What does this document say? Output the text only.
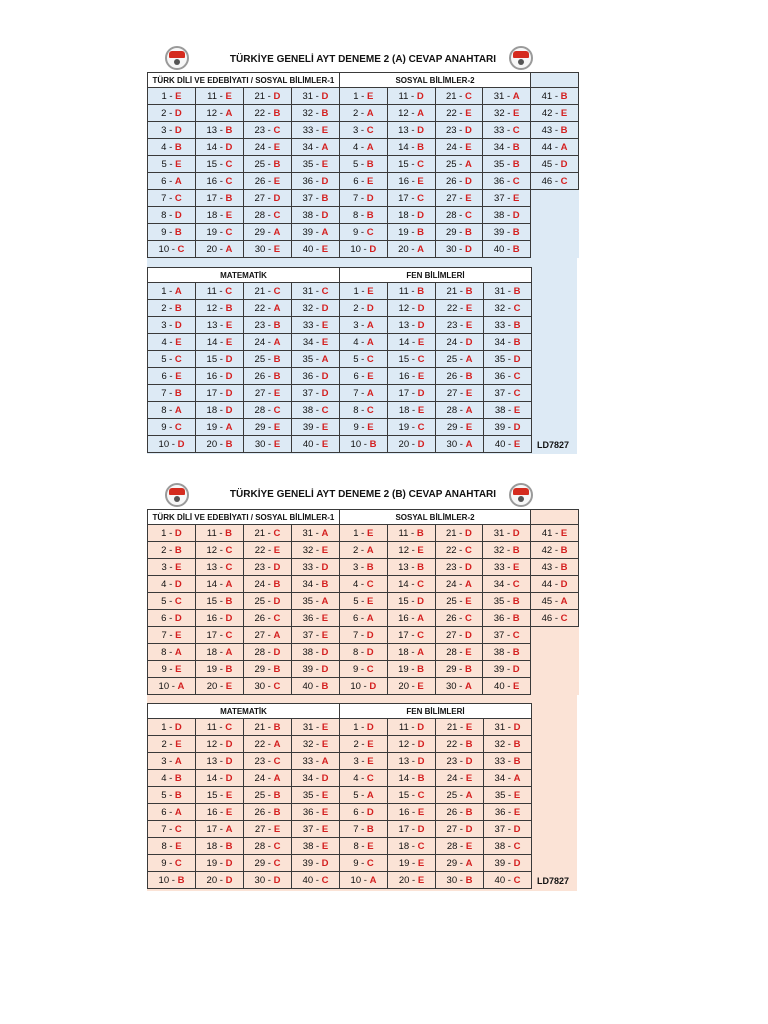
TÜRKİYE GENELİ AYT DENEME 2 (A) CEVAP ANAHTARI
TÜRK DİLİ VE EDEBİYATI / SOSYAL BİLİMLER-1				SOSYAL BİLİMLER-2				
1 - E	11 - E	21 - D	31 - D	1 - E	11 - D	21 - C	31 - A	41 - B
2 - D	12 - A	22 - B	32 - B	2 - A	12 - A	22 - E	32 - E	42 - E
3 - D	13 - B	23 - C	33 - E	3 - C	13 - D	23 - D	33 - C	43 - B
4 - B	14 - D	24 - E	34 - A	4 - A	14 - B	24 - E	34 - B	44 - A
5 - E	15 - C	25 - B	35 - E	5 - B	15 - C	25 - A	35 - B	45 - D
6 - A	16 - C	26 - E	36 - D	6 - E	16 - E	26 - D	36 - C	46 - C
7 - C	17 - B	27 - D	37 - B	7 - D	17 - C	27 - E	37 - E	
8 - D	18 - E	28 - C	38 - D	8 - B	18 - D	28 - C	38 - D	
9 - B	19 - C	29 - A	39 - A	9 - C	19 - B	29 - B	39 - B	
10 - C	20 - A	30 - E	40 - E	10 - D	20 - A	30 - D	40 - B	
MATEMATİK				FEN BİLİMLERİ			
1 - A	11 - C	21 - C	31 - C	1 - E	11 - B	21 - B	31 - B
2 - B	12 - B	22 - A	32 - D	2 - D	12 - D	22 - E	32 - C
3 - D	13 - E	23 - B	33 - E	3 - A	13 - D	23 - E	33 - B
4 - E	14 - E	24 - A	34 - E	4 - A	14 - E	24 - D	34 - B
5 - C	15 - D	25 - B	35 - A	5 - C	15 - C	25 - A	35 - D
6 - E	16 - D	26 - B	36 - D	6 - E	16 - E	26 - B	36 - C
7 - B	17 - D	27 - E	37 - D	7 - A	17 - D	27 - E	37 - C
8 - A	18 - D	28 - C	38 - C	8 - C	18 - E	28 - A	38 - E
9 - C	19 - A	29 - E	39 - E	9 - E	19 - C	29 - E	39 - D
10 - D	20 - B	30 - E	40 - E	10 - B	20 - D	30 - A	40 - E LD7827
TÜRKİYE GENELİ AYT DENEME 2 (B) CEVAP ANAHTARI
TÜRK DİLİ VE EDEBİYATI / SOSYAL BİLİMLER-1				SOSYAL BİLİMLER-2				
1 - D	11 - B	21 - C	31 - A	1 - E	11 - B	21 - D	31 - D	41 - E
2 - B	12 - C	22 - E	32 - E	2 - A	12 - E	22 - C	32 - B	42 - B
3 - E	13 - C	23 - D	33 - D	3 - B	13 - B	23 - D	33 - E	43 - B
4 - D	14 - A	24 - B	34 - B	4 - C	14 - C	24 - A	34 - C	44 - D
5 - C	15 - B	25 - D	35 - A	5 - E	15 - D	25 - E	35 - B	45 - A
6 - D	16 - D	26 - C	36 - E	6 - A	16 - A	26 - C	36 - B	46 - C
7 - E	17 - C	27 - A	37 - E	7 - D	17 - C	27 - D	37 - C	
8 - A	18 - A	28 - D	38 - D	8 - D	18 - A	28 - E	38 - B	
9 - E	19 - B	29 - B	39 - D	9 - C	19 - B	29 - B	39 - D	
10 - A	20 - E	30 - C	40 - B	10 - D	20 - E	30 - A	40 - E	
MATEMATİK				FEN BİLİMLERİ			
1 - D	11 - C	21 - B	31 - E	1 - D	11 - D	21 - E	31 - D
2 - E	12 - D	22 - A	32 - E	2 - E	12 - D	22 - B	32 - B
3 - A	13 - D	23 - C	33 - A	3 - E	13 - D	23 - D	33 - B
4 - B	14 - D	24 - A	34 - D	4 - C	14 - B	24 - E	34 - A
5 - B	15 - E	25 - B	35 - E	5 - A	15 - C	25 - A	35 - E
6 - A	16 - E	26 - B	36 - E	6 - D	16 - E	26 - B	36 - E
7 - C	17 - A	27 - E	37 - E	7 - B	17 - D	27 - D	37 - D
8 - E	18 - B	28 - C	38 - E	8 - E	18 - C	28 - E	38 - C
9 - C	19 - D	29 - C	39 - D	9 - C	19 - E	29 - A	39 - D
10 - B	20 - D	30 - D	40 - C	10 - A	20 - E	30 - B	40 - C LD7827
